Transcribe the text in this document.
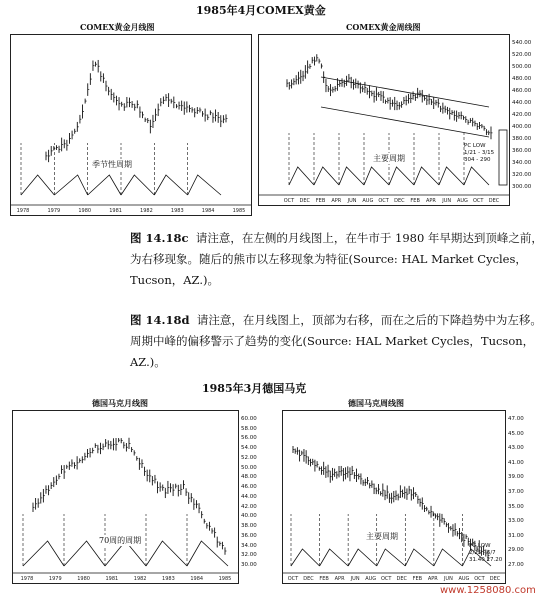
1985年4月COMEX黄金
COMEX黄金月线图
1978	1979	1980	1981	1982	1983	1984	1985
季节性周期
COMEX黄金周线图
OCT DEC FEB APR JUN AUG OCT DEC FEB APR JUN AUG OCT DEC
主要周期
PC LOW
1/21 - 3/15
304 - 290
540.00
520.00
500.00
480.00
460.00
440.00
420.00
400.00
380.00
360.00
340.00
320.00
300.00
图 14.18c 请注意，在左侧的月线图上，在牛市于 1980 年早期达到顶峰之前，为右移现象。随后的熊市以左移现象为特征(Source: HAL Market Cycles，Tucson，AZ.)。
图 14.18d 请注意，在月线图上，顶部为右移，而在之后的下降趋势中为左移。周期中峰的偏移警示了趋势的变化(Source: HAL Market Cycles，Tucson，AZ.)。
1985年3月德国马克
德国马克月线图
1978	1979	1980	1981	1982	1983	1984	1985
70周的周期
60.00
58.00
56.00
54.00
52.00
50.00
48.00
46.00
44.00
42.00
40.00
38.00
36.00
34.00
32.00
30.00
德国马克周线图
OCT DEC FEB APR JUN AUG OCT DEC FEB APR JUN AUG OCT DEC
主要周期
PC LOW
2/25 - 6/7
31.40 27.20
47.00
45.00
43.00
41.00
39.00
37.00
35.00
33.00
31.00
29.00
27.00
www.1258080.com
